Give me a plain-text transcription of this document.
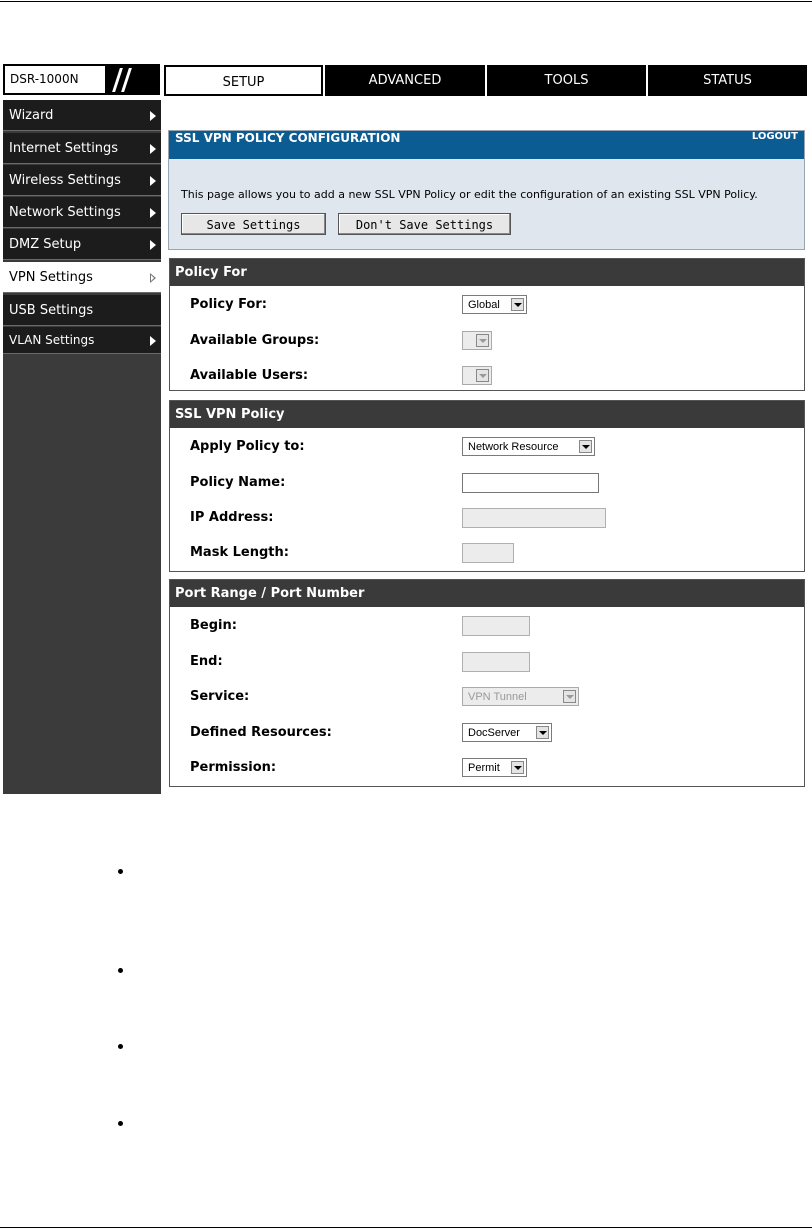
DSR-1000N	SETUP	ADVANCED	TOOLS	STATUS
Wizard
Internet Settings
Wireless Settings
Network Settings
DMZ Setup
VPN Settings
USB Settings
VLAN Settings
SSL VPN POLICY CONFIGURATION	LOGOUT
This page allows you to add a new SSL VPN Policy or edit the configuration of an existing SSL VPN Policy.
Save Settings	Don't Save Settings
Policy For
Policy For:	Global
Available Groups:
Available Users:
SSL VPN Policy
Apply Policy to:	Network Resource
Policy Name:
IP Address:
Mask Length:
Port Range / Port Number
Begin:
End:
Service:	VPN Tunnel
Defined Resources:	DocServer
Permission:	Permit
